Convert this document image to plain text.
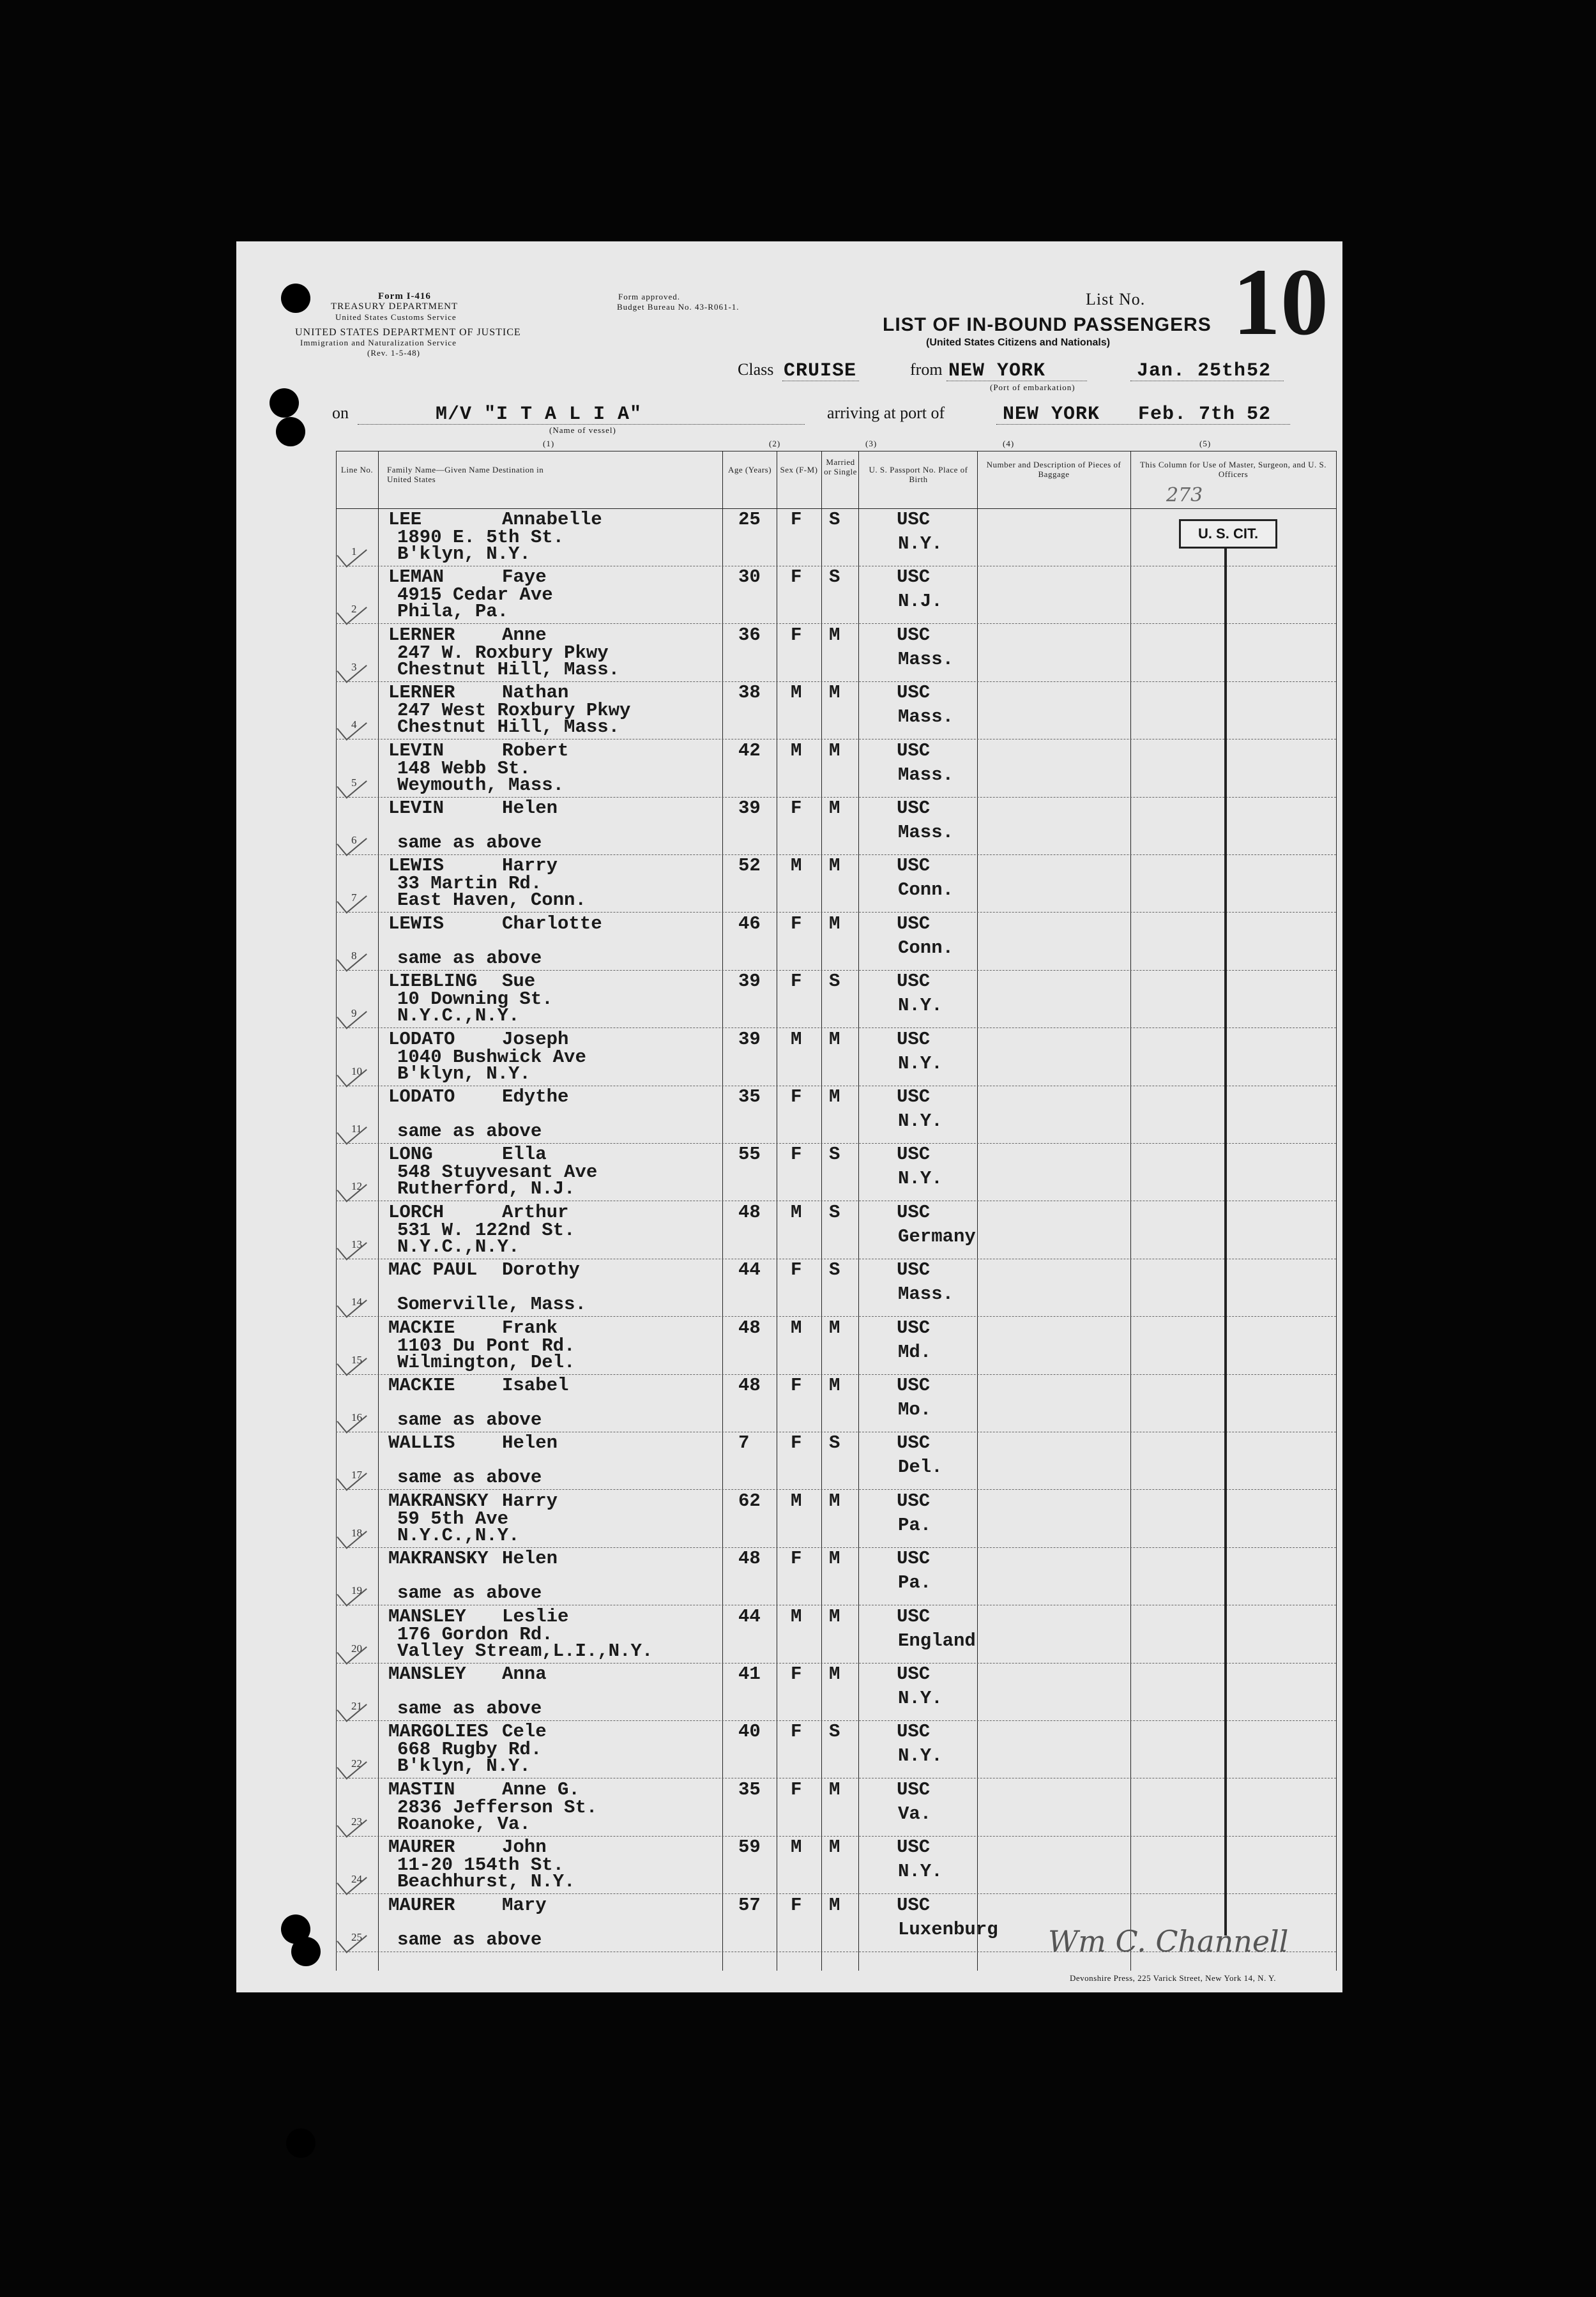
Form I-416
TREASURY DEPARTMENT
United States Customs Service
UNITED STATES DEPARTMENT OF JUSTICE
Immigration and Naturalization Service
(Rev. 1-5-48)
Form approved.
Budget Bureau No. 43-R061-1.	List No. 10
LIST OF IN-BOUND PASSENGERS
(United States Citizens and Nationals)
Class CRUISE	from NEW YORK
(Port of embarkation)
Jan. 25th 52
on	M/V "I T A L I A"
(Name of vessel)
arriving at port of	NEW YORK Feb. 7th 52
(1)	(2)	(3)	(4)	(5)
Line No.	Family Name—Given Name Destination in United States
Age (Years)	Sex (F-M)
Married or Single	U. S. Passport No. Place of Birth
Number and Description of Pieces of Baggage
This Column for Use of Master, Surgeon, and U. S. Officers
1
LEE	Annabelle
1890 E. 5th St.
B'klyn, N.Y.
25 F S	USC
N.Y.
2
LEMAN	Faye
4915 Cedar Ave
Phila, Pa.
30 F S	USC
N.J.
3
LERNER	Anne
247 W. Roxbury Pkwy
Chestnut Hill, Mass.
36 F M	USC
Mass.
4
LERNER	Nathan
247 West Roxbury Pkwy
Chestnut Hill, Mass.
38 M M	USC
Mass.
5
LEVIN	Robert
148 Webb St.
Weymouth, Mass.
42 M M	USC
Mass.
6
LEVIN	Helen
same as above
39 F M	USC
Mass.
7
LEWIS	Harry
33 Martin Rd.
East Haven, Conn.
52 M M	USC
Conn.
8
LEWIS	Charlotte
same as above
46 F M	USC
Conn.
9
LIEBLING Sue
10 Downing St.
N.Y.C.,N.Y.
39 F S	USC
N.Y.
10
LODATO	Joseph
1040 Bushwick Ave
B'klyn, N.Y.
39 M M	USC
N.Y.
11
LODATO	Edythe
same as above
35 F M	USC
N.Y.
12
LONG	Ella
548 Stuyvesant Ave
Rutherford, N.J.
55 F S	USC
N.Y.
13
LORCH	Arthur
531 W. 122nd St.
N.Y.C.,N.Y.
48 M S	USC
Germany
14
MAC PAUL Dorothy
Somerville, Mass.
44 F S	USC
Mass.
15
MACKIE	Frank
1103 Du Pont Rd.
Wilmington, Del.
48 M M	USC
Md.
16
MACKIE	Isabel
same as above
48 F M	USC
Mo.
17
WALLIS	Helen
same as above
7 F S	USC
Del.
18
MAKRANSKY Harry
59 5th Ave
N.Y.C.,N.Y.
62 M M	USC
Pa.
19
MAKRANSKY Helen
same as above
48 F M	USC
Pa.
20
MANSLEY Leslie
176 Gordon Rd.
Valley Stream,L.I.,N.Y.
44 M M	USC
England
21
MANSLEY Anna
same as above
41 F M	USC
N.Y.
22
MARGOLIES Cele
668 Rugby Rd.
B'klyn, N.Y.
40 F S	USC
N.Y.
23
MASTIN	Anne G.
2836 Jefferson St.
Roanoke, Va.
35 F M	USC
Va.
24
MAURER	John
11-20 154th St.
Beachhurst, N.Y.
59 M M	USC
N.Y.
25
MAURER	Mary
same as above
57 F M	USC
Luxenburg
273
U. S. CIT.
Wm C. Channell
Devonshire Press, 225 Varick Street, New York 14, N. Y.
